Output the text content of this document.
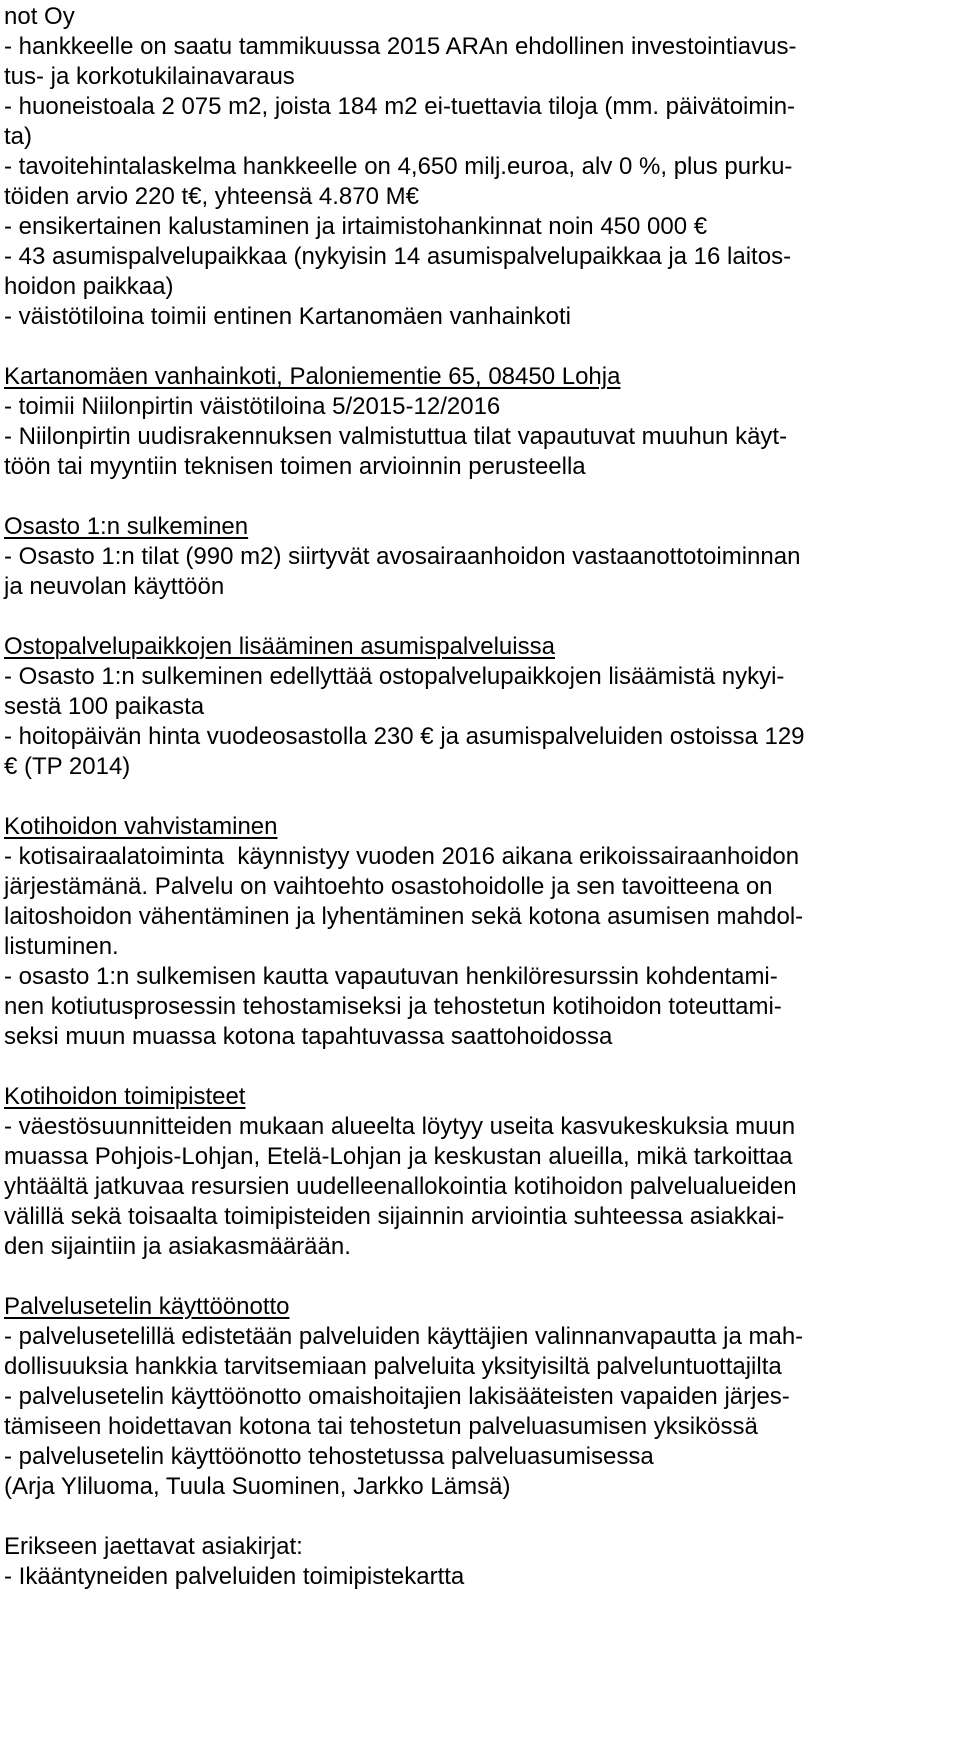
not Oy
- hankkeelle on saatu tammikuussa 2015 ARAn ehdollinen investointiavus-
tus- ja korkotukilainavaraus
- huoneistoala 2 075 m2, joista 184 m2 ei-tuettavia tiloja (mm. päivätoimin-
ta)
- tavoitehintalaskelma hankkeelle on 4,650 milj.euroa, alv 0 %, plus purku-
töiden arvio 220 t€, yhteensä 4.870 M€
- ensikertainen kalustaminen ja irtaimistohankinnat noin 450 000 €
- 43 asumispalvelupaikkaa (nykyisin 14 asumispalvelupaikkaa ja 16 laitos-
hoidon paikkaa)
- väistötiloina toimii entinen Kartanomäen vanhainkoti
Kartanomäen vanhainkoti, Paloniementie 65, 08450 Lohja
- toimii Niilonpirtin väistötiloina 5/2015-12/2016
- Niilonpirtin uudisrakennuksen valmistuttua tilat vapautuvat muuhun käyt-
töön tai myyntiin teknisen toimen arvioinnin perusteella
Osasto 1:n sulkeminen
- Osasto 1:n tilat (990 m2) siirtyvät avosairaanhoidon vastaanottotoiminnan
ja neuvolan käyttöön
Ostopalvelupaikkojen lisääminen asumispalveluissa
- Osasto 1:n sulkeminen edellyttää ostopalvelupaikkojen lisäämistä nykyi-
sestä 100 paikasta
- hoitopäivän hinta vuodeosastolla 230 € ja asumispalveluiden ostoissa 129
€ (TP 2014)
Kotihoidon vahvistaminen
- kotisairaalatoiminta  käynnistyy vuoden 2016 aikana erikoissairaanhoidon
järjestämänä. Palvelu on vaihtoehto osastohoidolle ja sen tavoitteena on
laitoshoidon vähentäminen ja lyhentäminen sekä kotona asumisen mahdol-
listuminen.
- osasto 1:n sulkemisen kautta vapautuvan henkilöresurssin kohdentami-
nen kotiutusprosessin tehostamiseksi ja tehostetun kotihoidon toteuttami-
seksi muun muassa kotona tapahtuvassa saattohoidossa
Kotihoidon toimipisteet
- väestösuunnitteiden mukaan alueelta löytyy useita kasvukeskuksia muun
muassa Pohjois-Lohjan, Etelä-Lohjan ja keskustan alueilla, mikä tarkoittaa
yhtäältä jatkuvaa resursien uudelleenallokointia kotihoidon palvelualueiden
välillä sekä toisaalta toimipisteiden sijainnin arviointia suhteessa asiakkai-
den sijaintiin ja asiakasmäärään.
Palvelusetelin käyttöönotto
- palvelusetelillä edistetään palveluiden käyttäjien valinnanvapautta ja mah-
dollisuuksia hankkia tarvitsemiaan palveluita yksityisiltä palveluntuottajilta
- palvelusetelin käyttöönotto omaishoitajien lakisääteisten vapaiden järjes-
tämiseen hoidettavan kotona tai tehostetun palveluasumisen yksikössä
- palvelusetelin käyttöönotto tehostetussa palveluasumisessa
(Arja Yliluoma, Tuula Suominen, Jarkko Lämsä)
Erikseen jaettavat asiakirjat:
- Ikääntyneiden palveluiden toimipistekartta
